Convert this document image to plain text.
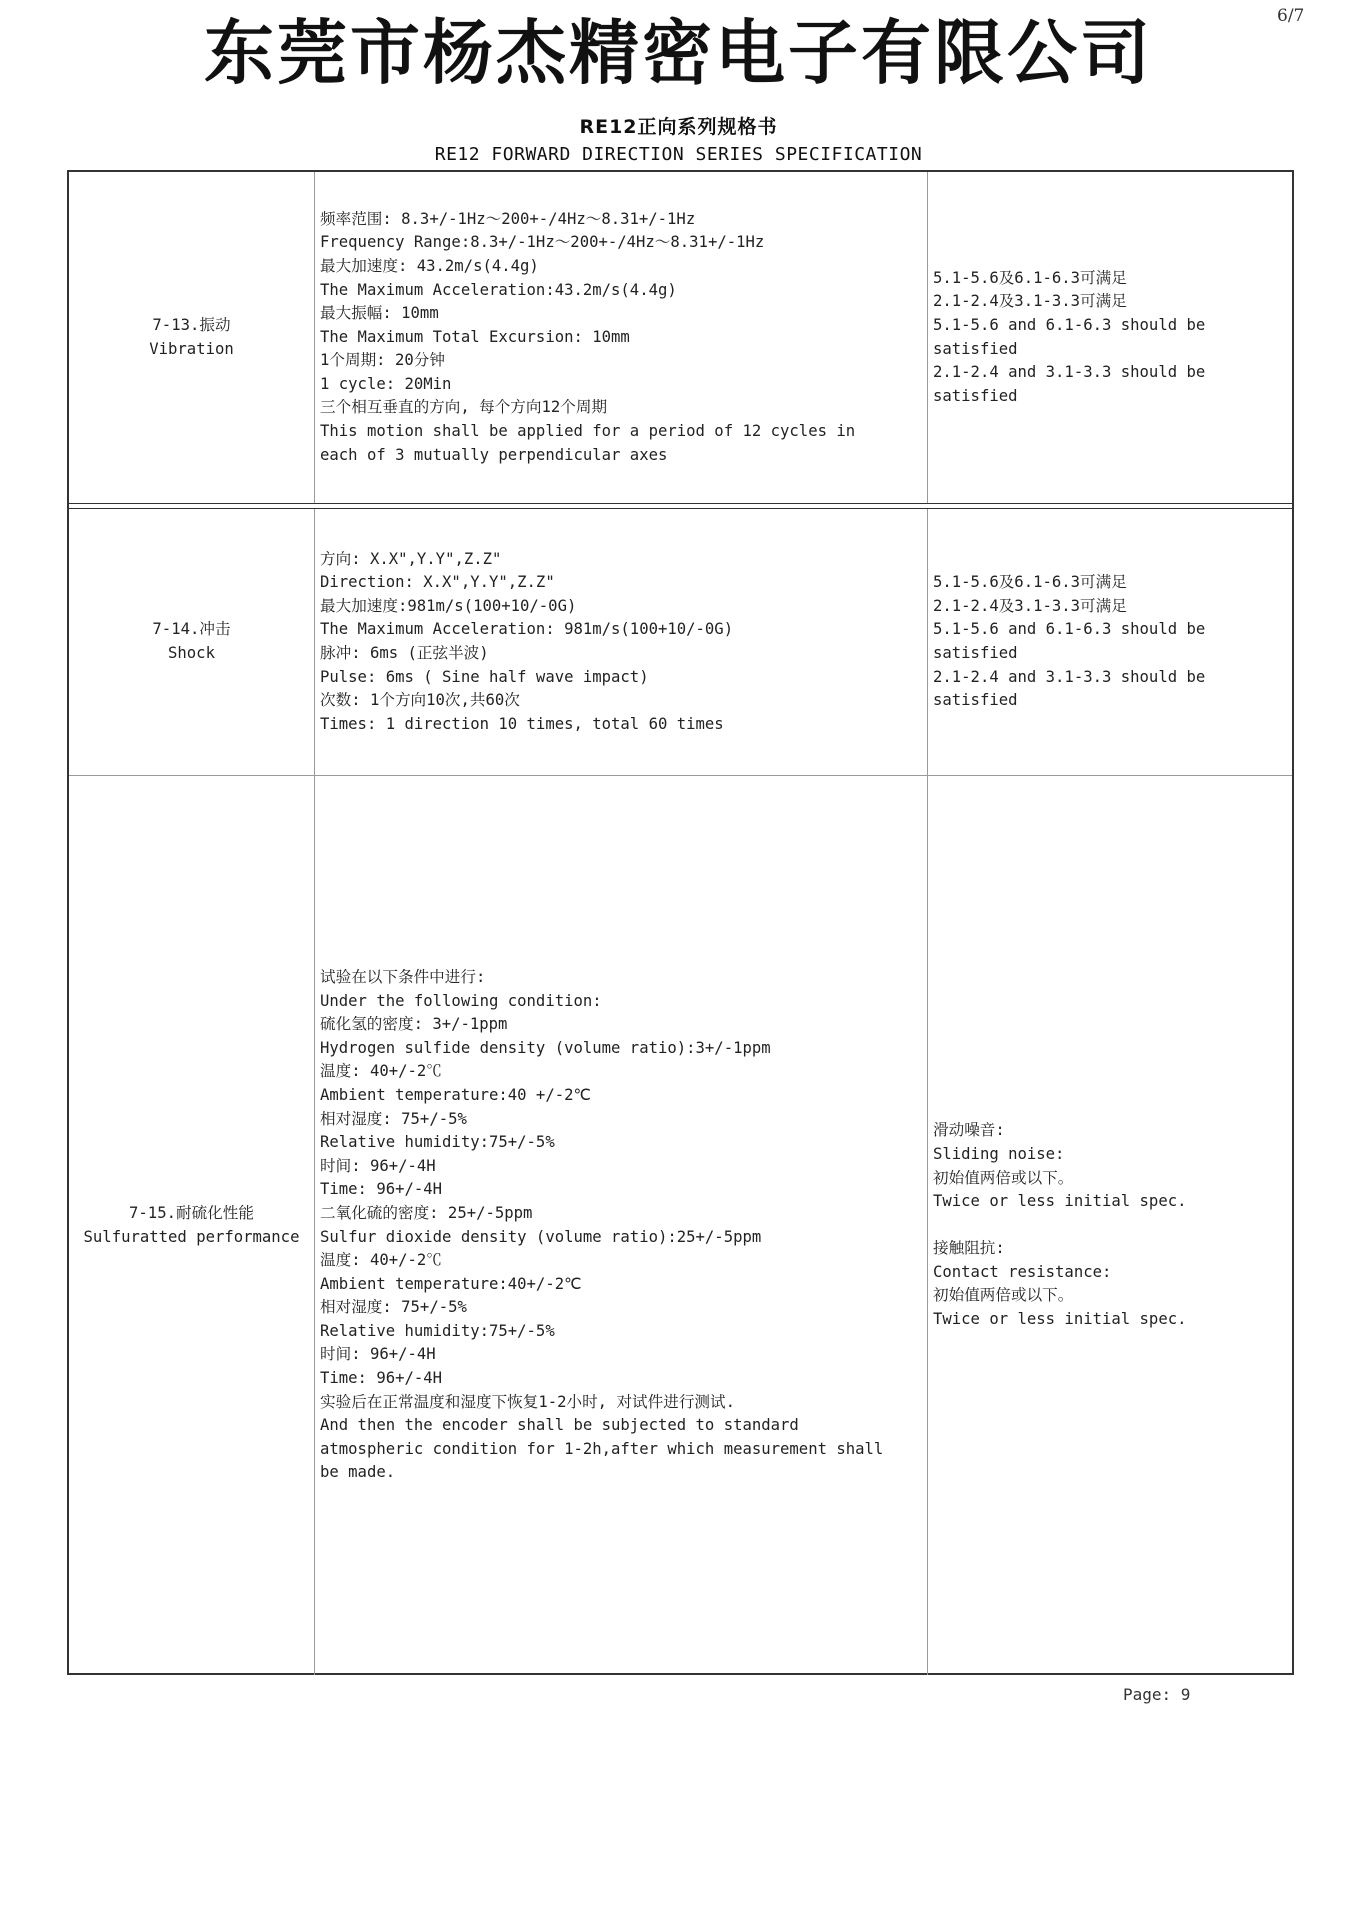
6/7
东莞市杨杰精密电子有限公司
RE12正向系列规格书
RE12 FORWARD DIRECTION SERIES SPECIFICATION
7-13.振动
Vibration
频率范围: 8.3+/-1Hz～200+-/4Hz～8.31+/-1Hz
Frequency Range:8.3+/-1Hz～200+-/4Hz～8.31+/-1Hz
最大加速度: 43.2m/s(4.4g)
The Maximum Acceleration:43.2m/s(4.4g)
最大振幅: 10mm
The Maximum Total Excursion: 10mm
1个周期: 20分钟
1 cycle: 20Min
三个相互垂直的方向, 每个方向12个周期
This motion shall be applied for a period of 12 cycles in
each of 3 mutually perpendicular axes
5.1-5.6及6.1-6.3可满足
2.1-2.4及3.1-3.3可满足
5.1-5.6 and 6.1-6.3 should be
satisfied
2.1-2.4 and 3.1-3.3 should be
satisfied
7-14.冲击
Shock
方向: X.X",Y.Y",Z.Z"
Direction: X.X",Y.Y",Z.Z"
最大加速度:981m/s(100+10/-0G)
The Maximum Acceleration: 981m/s(100+10/-0G)
脉冲: 6ms (正弦半波)
Pulse: 6ms ( Sine half wave impact)
次数: 1个方向10次,共60次
Times: 1 direction 10 times, total 60 times
5.1-5.6及6.1-6.3可满足
2.1-2.4及3.1-3.3可满足
5.1-5.6 and 6.1-6.3 should be
satisfied
2.1-2.4 and 3.1-3.3 should be
satisfied
7-15.耐硫化性能
Sulfuratted performance
试验在以下条件中进行:
Under the following condition:
硫化氢的密度: 3+/-1ppm
Hydrogen sulfide density (volume ratio):3+/-1ppm
温度: 40+/-2℃
Ambient temperature:40 +/-2℃
相对湿度: 75+/-5%
Relative humidity:75+/-5%
时间: 96+/-4H
Time: 96+/-4H
二氧化硫的密度: 25+/-5ppm
Sulfur dioxide density (volume ratio):25+/-5ppm
温度: 40+/-2℃
Ambient temperature:40+/-2℃
相对湿度: 75+/-5%
Relative humidity:75+/-5%
时间: 96+/-4H
Time: 96+/-4H
实验后在正常温度和湿度下恢复1-2小时, 对试件进行测试.
And then the encoder shall be subjected to standard
atmospheric condition for 1-2h,after which measurement shall
be made.
滑动噪音:
Sliding noise:
初始值两倍或以下。
Twice or less initial spec.
接触阻抗:
Contact resistance:
初始值两倍或以下。
Twice or less initial spec.
Page: 9
